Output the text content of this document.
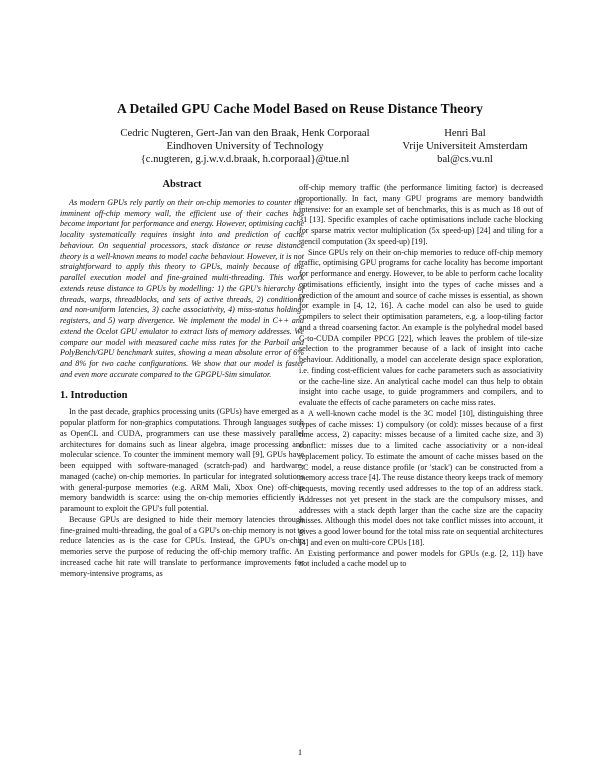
A Detailed GPU Cache Model Based on Reuse Distance Theory
Cedric Nugteren, Gert-Jan van den Braak, Henk Corporaal
Eindhoven University of Technology
{c.nugteren, g.j.w.v.d.braak, h.corporaal}@tue.nl
Henri Bal
Vrije Universiteit Amsterdam
bal@cs.vu.nl
Abstract

As modern GPUs rely partly on their on-chip memories to counter the imminent off-chip memory wall, the efficient use of their caches has become important for performance and energy. However, optimising cache locality systematically requires insight into and prediction of cache behaviour. On sequential processors, stack distance or reuse distance theory is a well-known means to model cache behaviour. However, it is not straightforward to apply this theory to GPUs, mainly because of the parallel execution model and fine-grained multi-threading. This work extends reuse distance to GPUs by modelling: 1) the GPU's hierarchy of threads, warps, threadblocks, and sets of active threads, 2) conditional and non-uniform latencies, 3) cache associativity, 4) miss-status holding-registers, and 5) warp divergence. We implement the model in C++ and extend the Ocelot GPU emulator to extract lists of memory addresses. We compare our model with measured cache miss rates for the Parboil and PolyBench/GPU benchmark suites, showing a mean absolute error of 6% and 8% for two cache configurations. We show that our model is faster and even more accurate compared to the GPGPU-Sim simulator.

1. Introduction

In the past decade, graphics processing units (GPUs) have emerged as a popular platform for non-graphics computations. Through languages such as OpenCL and CUDA, programmers can use these massively parallel architectures for domains such as linear algebra, image processing and molecular science. To counter the imminent memory wall [9], GPUs have been equipped with software-managed (scratch-pad) and hardware-managed (cache) on-chip memories. In particular for integrated solutions with general-purpose memories (e.g. ARM Mali, Xbox One) off-chip memory bandwidth is scarce: using the on-chip memories efficiently is paramount to exploit the GPU's full potential.

Because GPUs are designed to hide their memory latencies through fine-grained multi-threading, the goal of a GPU's on-chip memory is not to reduce latencies as is the case for CPUs. Instead, the GPU's on-chip memories serve the purpose of reducing the off-chip memory traffic. An increased cache hit rate will translate to performance improvements for memory-intensive programs, as

off-chip memory traffic (the performance limiting factor) is decreased proportionally. In fact, many GPU programs are memory bandwidth intensive: for an example set of benchmarks, this is as much as 18 out of 31 [13]. Specific examples of cache optimisations include cache blocking for sparse matrix vector multiplication (5x speed-up) [24] and tiling for a stencil computation (3x speed-up) [19].

Since GPUs rely on their on-chip memories to reduce off-chip memory traffic, optimising GPU programs for cache locality has become important for performance and energy. However, to be able to perform cache locality optimisations efficiently, insight into the types of cache misses and a prediction of the amount and source of cache misses is essential, as shown for example in [4, 12, 16]. A cache model can also be used to guide compilers to select their optimisation parameters, e.g. a loop-tiling factor and a thread coarsening factor. An example is the polyhedral model based C-to-CUDA compiler PPCG [22], which leaves the problem of tile-size selection to the programmer because of a lack of insight into cache behaviour. Additionally, a model can accelerate design space exploration, i.e. finding cost-efficient values for cache parameters such as associativity or the cache-line size. An analytical cache model can thus help to obtain insight into cache usage, to guide programmers and compilers, and to evaluate the effects of cache parameters on cache miss rates.

A well-known cache model is the 3C model [10], distinguishing three types of cache misses: 1) compulsory (or cold): misses because of a first time access, 2) capacity: misses because of a limited cache size, and 3) conflict: misses due to a limited cache associativity or a non-ideal replacement policy. To estimate the amount of cache misses based on the 3C model, a reuse distance profile (or 'stack') can be constructed from a memory access trace [4]. The reuse distance theory keeps track of memory requests, moving recently used addresses to the top of an address stack. Addresses not yet present in the stack are the compulsory misses, and addresses with a stack depth larger than the cache size are the capacity misses. Although this model does not take conflict misses into account, it gives a good lower bound for the total miss rate on sequential architectures [4] and even on multi-core CPUs [18].

Existing performance and power models for GPUs (e.g. [2, 11]) have not included a cache model up to

1
